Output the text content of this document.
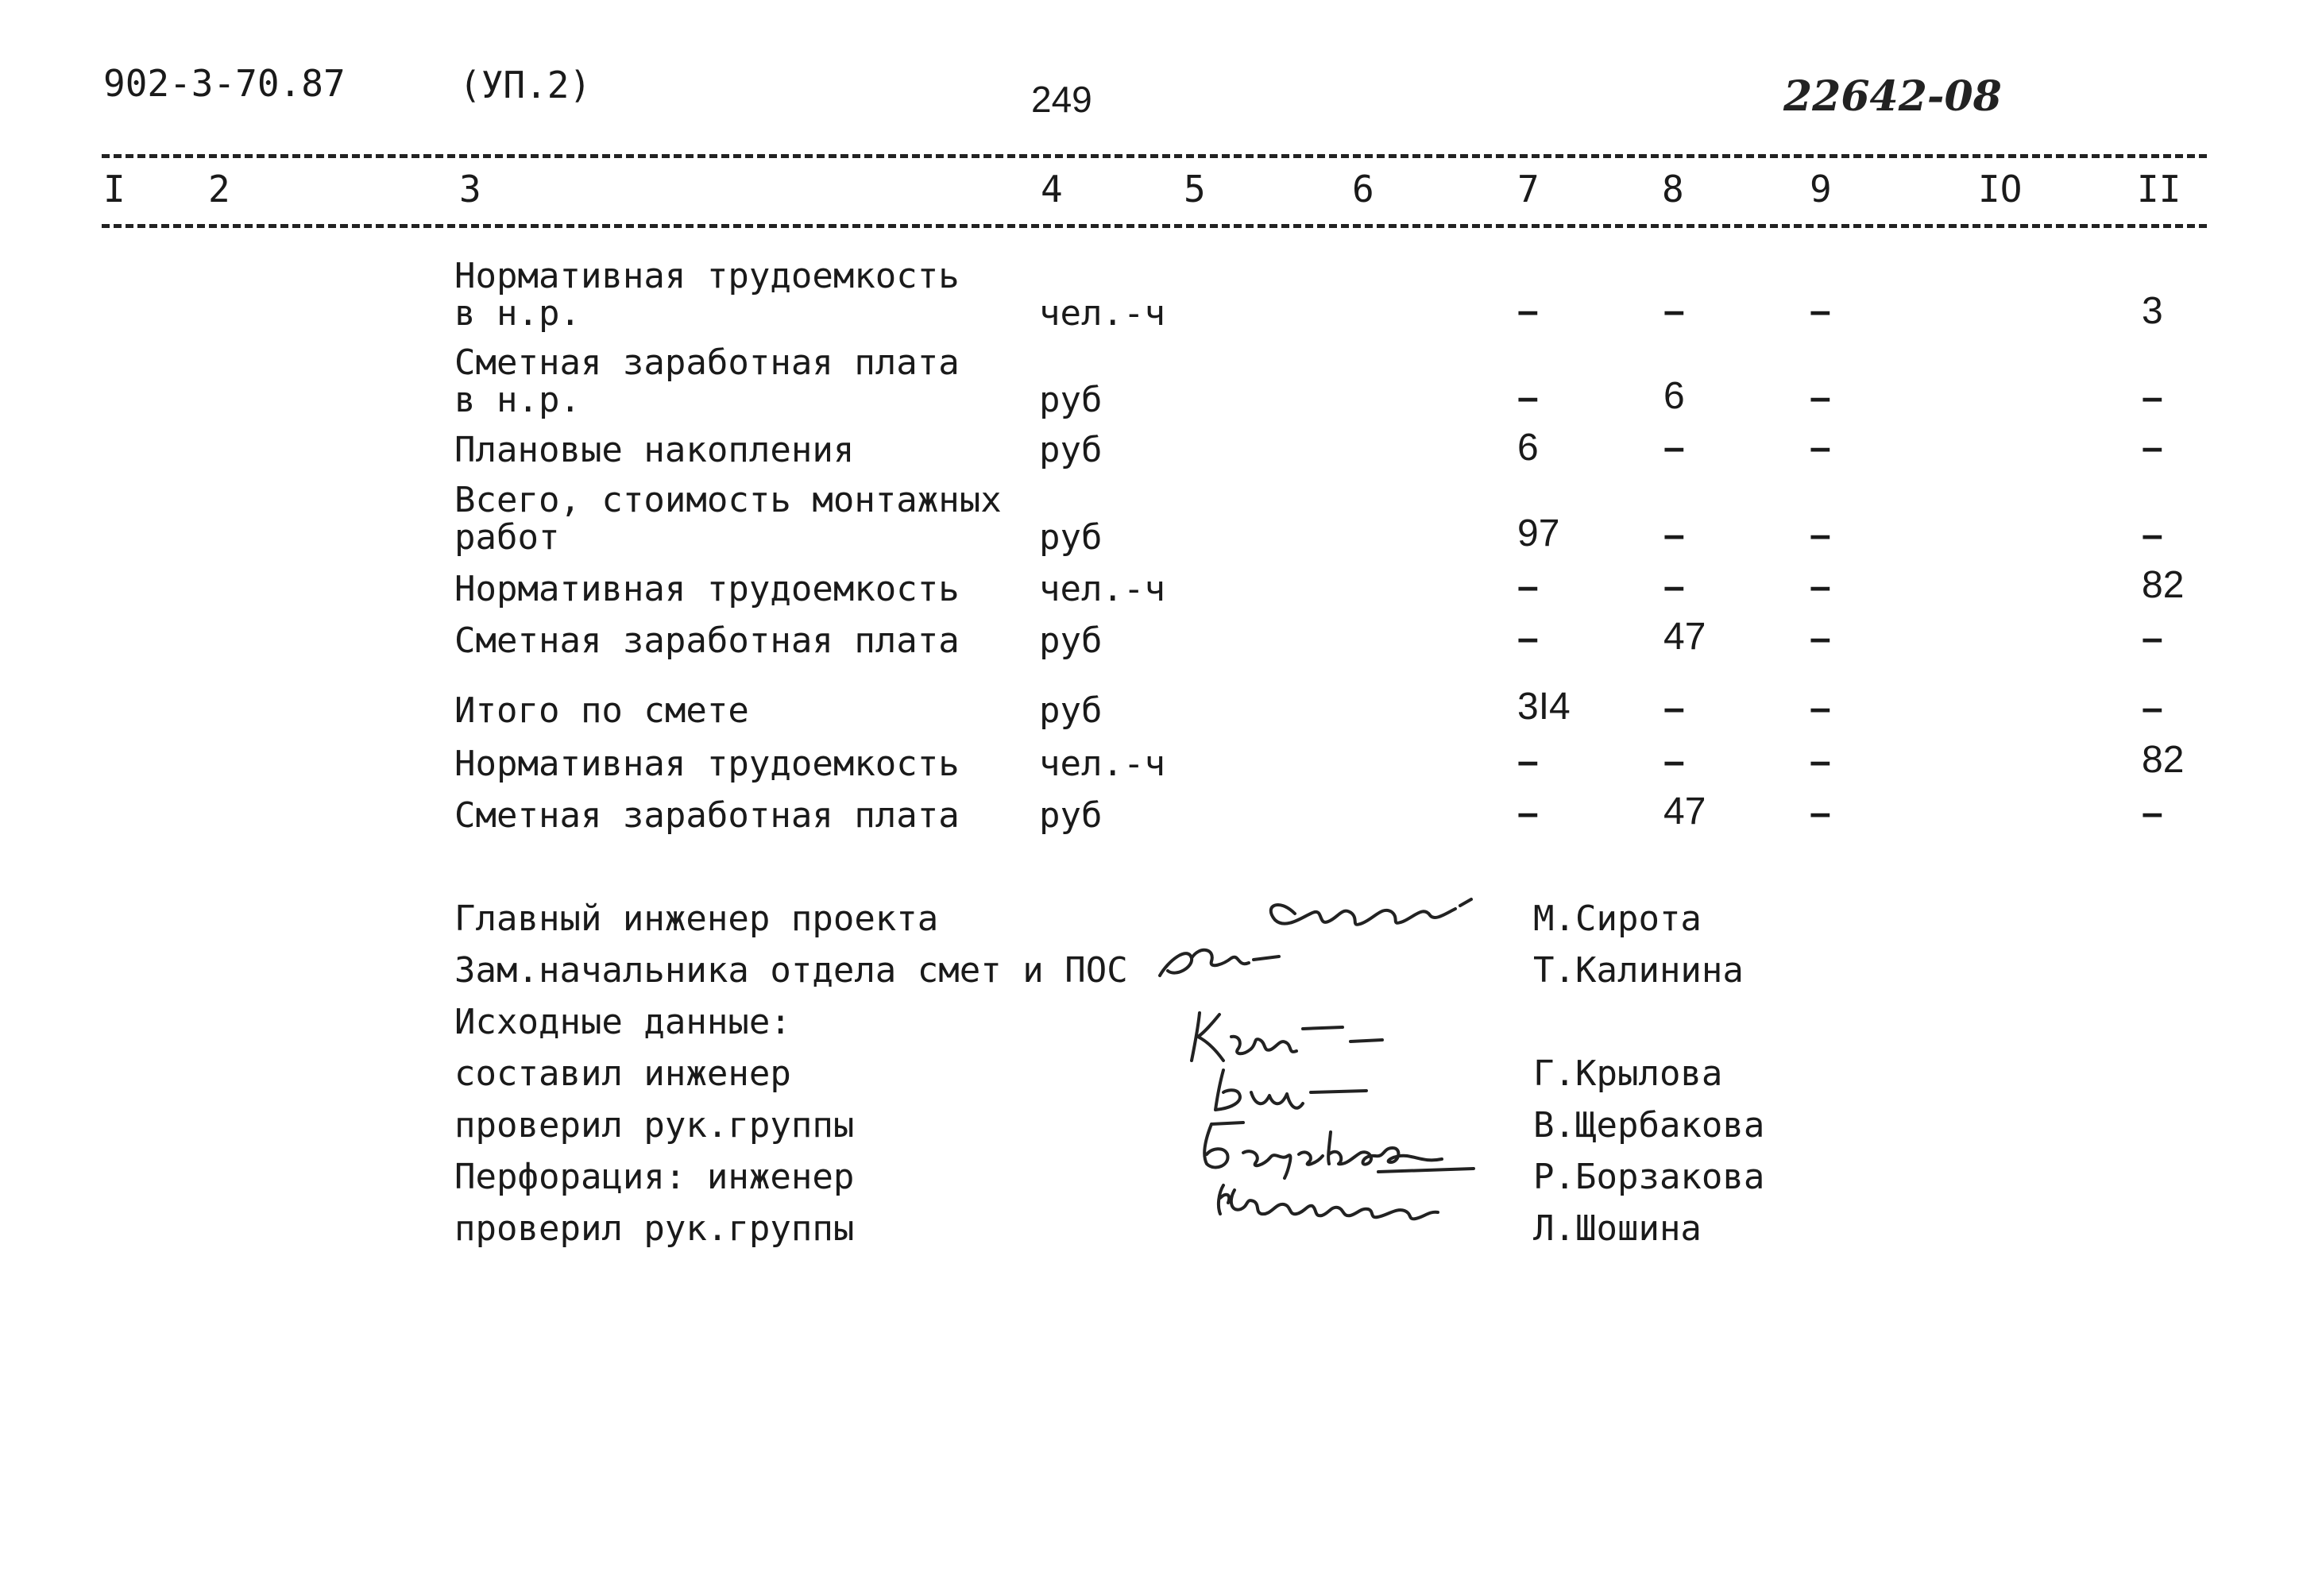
902-3-70.87	(УП.2)	249	22642-08
I 2	3	4	5	6	7	8	9	IO	II
Нормативная трудоемкость
в н.р.	чел.-ч	–	–	–	3
Сметная заработная плата
в н.р.	руб	–	6	–	–
Плановые накопления	руб	6	–	–	–
Всего, стоимость монтажных
работ	руб	97	–	–	–
Нормативная трудоемкость чел.-ч	–	–	–	82
Сметная заработная плата руб	–	47	–	–
Итого по смете	руб	3I4 –	–	–
Нормативная трудоемкость чел.-ч	–	–	–	82
Сметная заработная плата руб	–	47	–	–
Главный инженер проекта	М.Сирота
Зам.начальника отдела смет и ПОС	Т.Калинина
Исходные данные:
составил инженер	Г.Крылова
проверил рук.группы	В.Щербакова
Перфорация: инженер	Р.Борзакова
проверил рук.группы	Л.Шошина
